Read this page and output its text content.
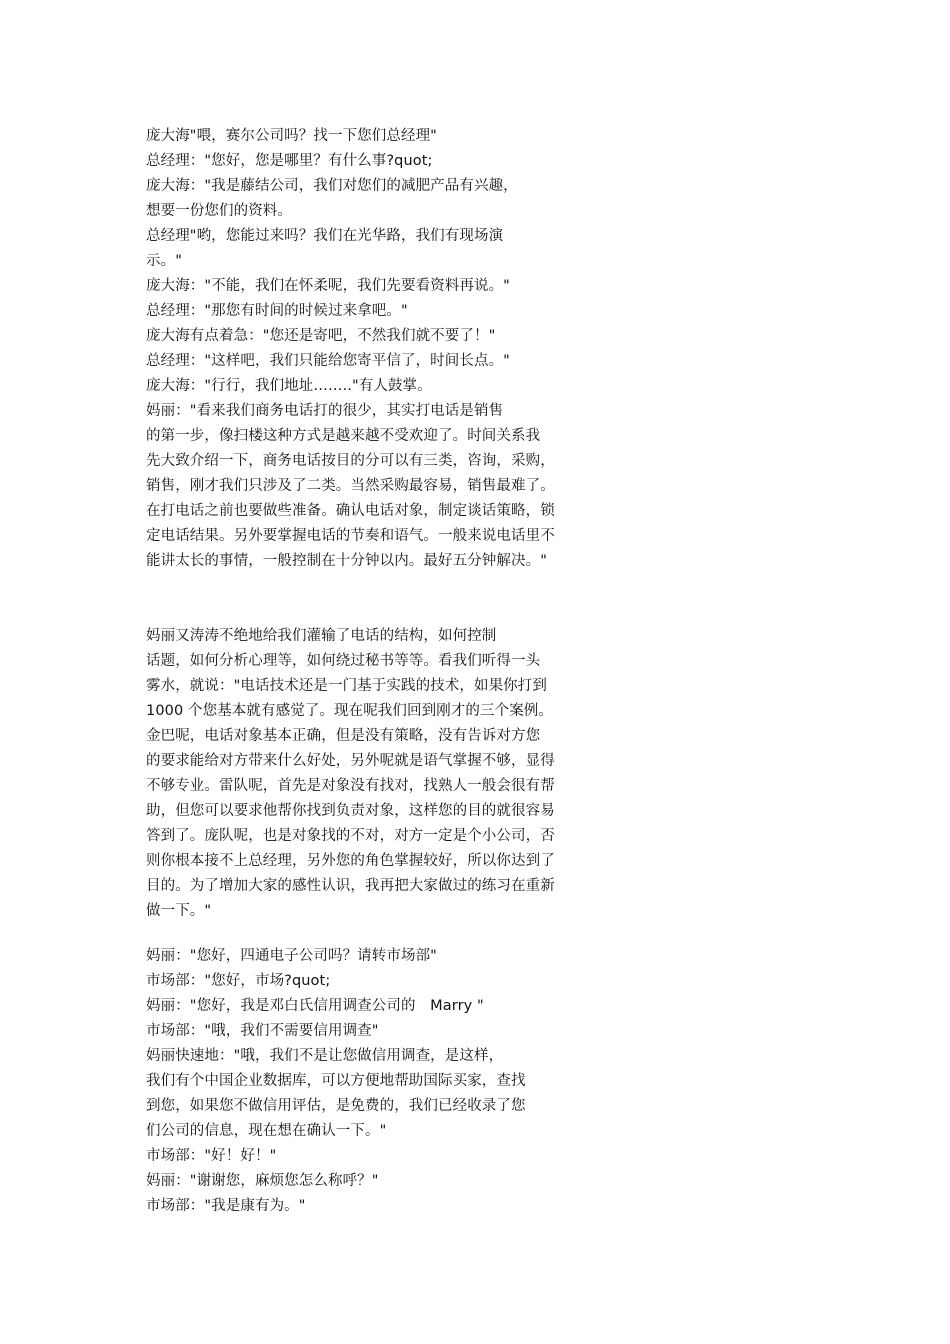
庞大海"喂，赛尔公司吗？找一下您们总经理"
总经理："您好，您是哪里？有什么事?quot;
庞大海："我是藤结公司，我们对您们的减肥产品有兴趣，
想要一份您们的资料。
总经理"哟，您能过来吗？我们在光华路，我们有现场演
示。"
庞大海："不能，我们在怀柔呢，我们先要看资料再说。"
总经理："那您有时间的时候过来拿吧。"
庞大海有点着急："您还是寄吧，不然我们就不要了！"
总经理："这样吧，我们只能给您寄平信了，时间长点。"
庞大海："行行，我们地址…….."有人鼓掌。
妈丽："看来我们商务电话打的很少，其实打电话是销售
的第一步，像扫楼这种方式是越来越不受欢迎了。时间关系我
先大致介绍一下，商务电话按目的分可以有三类，咨询，采购，
销售，刚才我们只涉及了二类。当然采购最容易，销售最难了。
在打电话之前也要做些准备。确认电话对象，制定谈话策略，锁
定电话结果。另外要掌握电话的节奏和语气。一般来说电话里不
能讲太长的事情，一般控制在十分钟以内。最好五分钟解决。"
妈丽又涛涛不绝地给我们灌输了电话的结构，如何控制
话题，如何分析心理等，如何绕过秘书等等。看我们听得一头
雾水，就说："电话技术还是一门基于实践的技术，如果你打到
1000 个您基本就有感觉了。现在呢我们回到刚才的三个案例。
金巴呢，电话对象基本正确，但是没有策略，没有告诉对方您
的要求能给对方带来什么好处，另外呢就是语气掌握不够，显得
不够专业。雷队呢，首先是对象没有找对，找熟人一般会很有帮
助，但您可以要求他帮你找到负责对象，这样您的目的就很容易
答到了。庞队呢，也是对象找的不对，对方一定是个小公司，否
则你根本接不上总经理，另外您的角色掌握较好，所以你达到了
目的。为了增加大家的感性认识，我再把大家做过的练习在重新
做一下。"
妈丽："您好，四通电子公司吗？请转市场部"
市场部："您好，市场?quot;
妈丽："您好，我是邓白氏信用调查公司的　Marry "
市场部："哦，我们不需要信用调查"
妈丽快速地："哦，我们不是让您做信用调查，是这样，
我们有个中国企业数据库，可以方便地帮助国际买家，查找
到您，如果您不做信用评估，是免费的，我们已经收录了您
们公司的信息，现在想在确认一下。"
市场部："好！好！"
妈丽："谢谢您，麻烦您怎么称呼？"
市场部："我是康有为。"
